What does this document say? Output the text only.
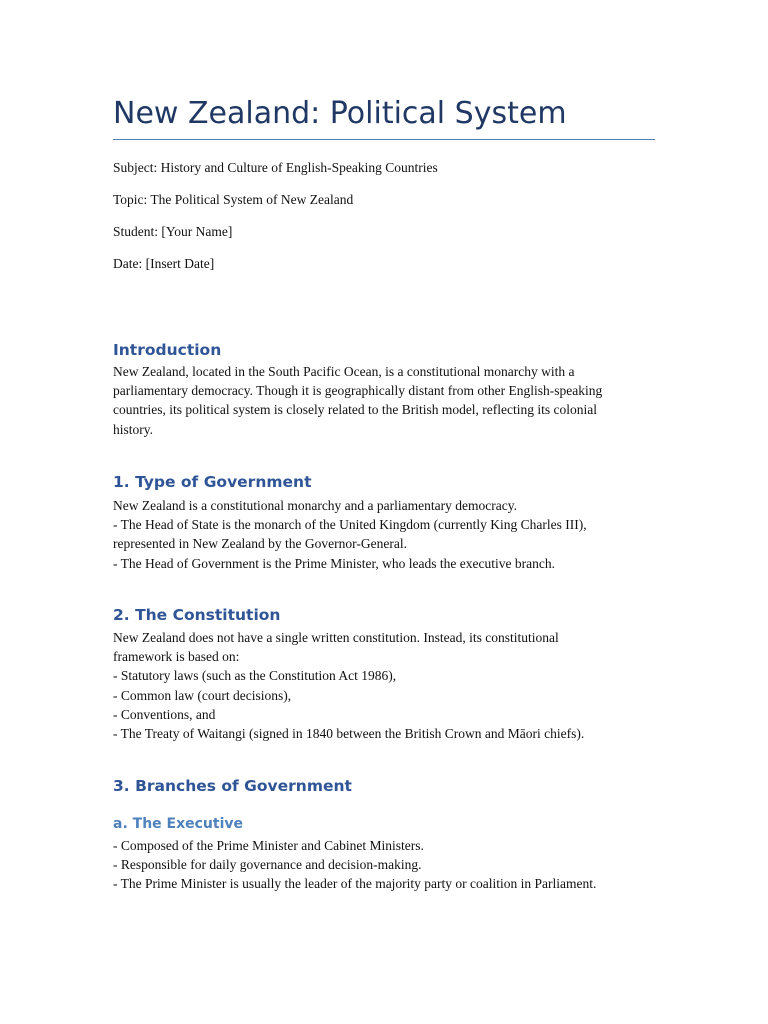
New Zealand: Political System
Subject: History and Culture of English-Speaking Countries
Topic: The Political System of New Zealand
Student: [Your Name]
Date: [Insert Date]
Introduction
New Zealand, located in the South Pacific Ocean, is a constitutional monarchy with a
parliamentary democracy. Though it is geographically distant from other English-speaking
countries, its political system is closely related to the British model, reflecting its colonial
history.
1. Type of Government
New Zealand is a constitutional monarchy and a parliamentary democracy.
- The Head of State is the monarch of the United Kingdom (currently King Charles III),
represented in New Zealand by the Governor-General.
- The Head of Government is the Prime Minister, who leads the executive branch.
2. The Constitution
New Zealand does not have a single written constitution. Instead, its constitutional
framework is based on:
- Statutory laws (such as the Constitution Act 1986),
- Common law (court decisions),
- Conventions, and
- The Treaty of Waitangi (signed in 1840 between the British Crown and Māori chiefs).
3. Branches of Government
a. The Executive
- Composed of the Prime Minister and Cabinet Ministers.
- Responsible for daily governance and decision-making.
- The Prime Minister is usually the leader of the majority party or coalition in Parliament.
